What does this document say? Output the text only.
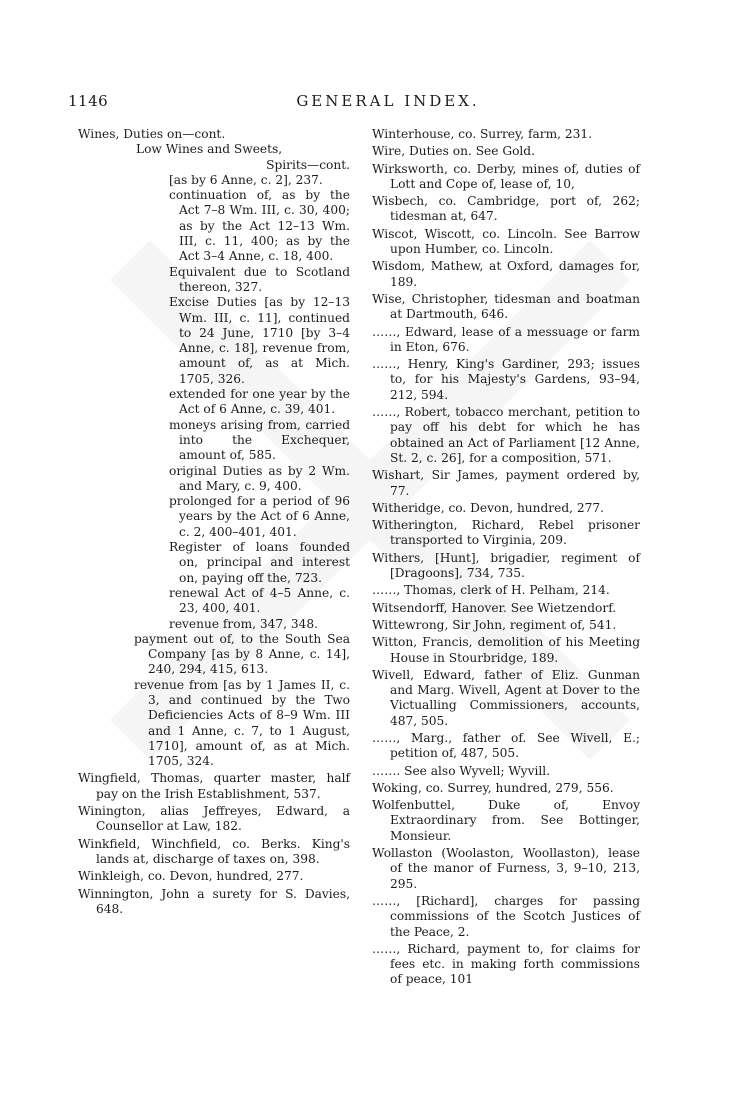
1146	GENERAL INDEX.

Wines, Duties on—cont.

Low Wines and Sweets,

Spirits—cont.

[as by 6 Anne, c. 2], 237.

continuation of, as by the Act 7–8 Wm. III, c. 30, 400; as by the Act 12–13 Wm. III, c. 11, 400; as by the Act 3–4 Anne, c. 18, 400.

Equivalent due to Scotland thereon, 327.

Excise Duties [as by 12–13 Wm. III, c. 11], continued to 24 June, 1710 [by 3–4 Anne, c. 18], revenue from, amount of, as at Mich. 1705, 326.

extended for one year by the Act of 6 Anne, c. 39, 401.

moneys arising from, carried into the Exchequer, amount of, 585.

original Duties as by 2 Wm. and Mary, c. 9, 400.

prolonged for a period of 96 years by the Act of 6 Anne, c. 2, 400–401, 401.

Register of loans founded on, principal and interest on, paying off the, 723.

renewal Act of 4–5 Anne, c. 23, 400, 401.

revenue from, 347, 348.

payment out of, to the South Sea Company [as by 8 Anne, c. 14], 240, 294, 415, 613.

revenue from [as by 1 James II, c. 3, and continued by the Two Deficiencies Acts of 8–9 Wm. III and 1 Anne, c. 7, to 1 August, 1710], amount of, as at Mich. 1705, 324.

Wingfield, Thomas, quarter master, half pay on the Irish Establishment, 537.

Winington, alias Jeffreyes, Edward, a Counsellor at Law, 182.

Winkfield, Winchfield, co. Berks. King's lands at, discharge of taxes on, 398.

Winkleigh, co. Devon, hundred, 277.

Winnington, John a surety for S. Davies, 648.

Winterhouse, co. Surrey, farm, 231.

Wire, Duties on. See Gold.

Wirksworth, co. Derby, mines of, duties of Lott and Cope of, lease of, 10,

Wisbech, co. Cambridge, port of, 262; tidesman at, 647.

Wiscot, Wiscott, co. Lincoln. See Barrow upon Humber, co. Lincoln.

Wisdom, Mathew, at Oxford, damages for, 189.

Wise, Christopher, tidesman and boatman at Dartmouth, 646.

……, Edward, lease of a messuage or farm in Eton, 676.

……, Henry, King's Gardiner, 293; issues to, for his Majesty's Gardens, 93–94, 212, 594.

……, Robert, tobacco merchant, petition to pay off his debt for which he has obtained an Act of Parliament [12 Anne, St. 2, c. 26], for a composition, 571.

Wishart, Sir James, payment ordered by, 77.

Witheridge, co. Devon, hundred, 277.

Witherington, Richard, Rebel prisoner transported to Virginia, 209.

Withers, [Hunt], brigadier, regiment of [Dragoons], 734, 735.

……, Thomas, clerk of H. Pelham, 214.

Witsendorff, Hanover. See Wietzendorf.

Wittewrong, Sir John, regiment of, 541.

Witton, Francis, demolition of his Meeting House in Stourbridge, 189.

Wivell, Edward, father of Eliz. Gunman and Marg. Wivell, Agent at Dover to the Victualling Commissioners, accounts, 487, 505.

……, Marg., father of. See Wivell, E.; petition of, 487, 505.

……. See also Wyvell; Wyvill.

Woking, co. Surrey, hundred, 279, 556.

Wolfenbuttel, Duke of, Envoy Extraordinary from. See Bottinger, Monsieur.

Wollaston (Woolaston, Woollaston), lease of the manor of Furness, 3, 9–10, 213, 295.

……, [Richard], charges for passing commissions of the Scotch Justices of the Peace, 2.

……, Richard, payment to, for claims for fees etc. in making forth commissions of peace, 101
